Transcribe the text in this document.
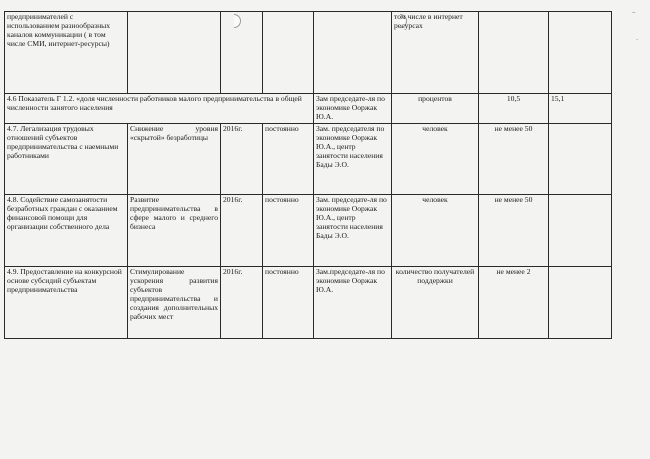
–
·
предпринимателей с использованием разнообразных каналов коммуникации ( в том числе СМИ, интернет-ресурсы)					том числе в интернет ресурсах		
4.6 Показатель Г 1.2. «доля численности работников малого предпринимательства в общей численности занятого населения				Зам председате-ля по экономике Ооржак Ю.А.	процентов	10,5	15,1
4.7. Легализация трудовых отношений субъектов предпринимательства с наемными работниками	Снижение уровня «скрытой» безработицы	2016г.	постоянно	Зам. председателя по экономике Ооржак Ю.А., центр занятости населения Бады Э.О.	человек	не менее 50	
4.8. Содействие самозанятости безработных граждан с оказанием финансовой помощи для организации собственного дела	Развитие предпринимательства в сфере малого и среднего бизнеса	2016г.	постоянно	Зам. председате-ля по экономике Ооржак Ю.А., центр занятости населения Бады Э.О.	человек	не менее 50	
4.9. Предоставление на конкурсной основе субсидий субъектам предпринимательства	Стимулирование ускорения развития субъектов предпринимательства и создания дополнительных рабочих мест	2016г.	постоянно	Зам.председате-ля по экономике Ооржак Ю.А.	количество получателей поддержки	не менее 2	
